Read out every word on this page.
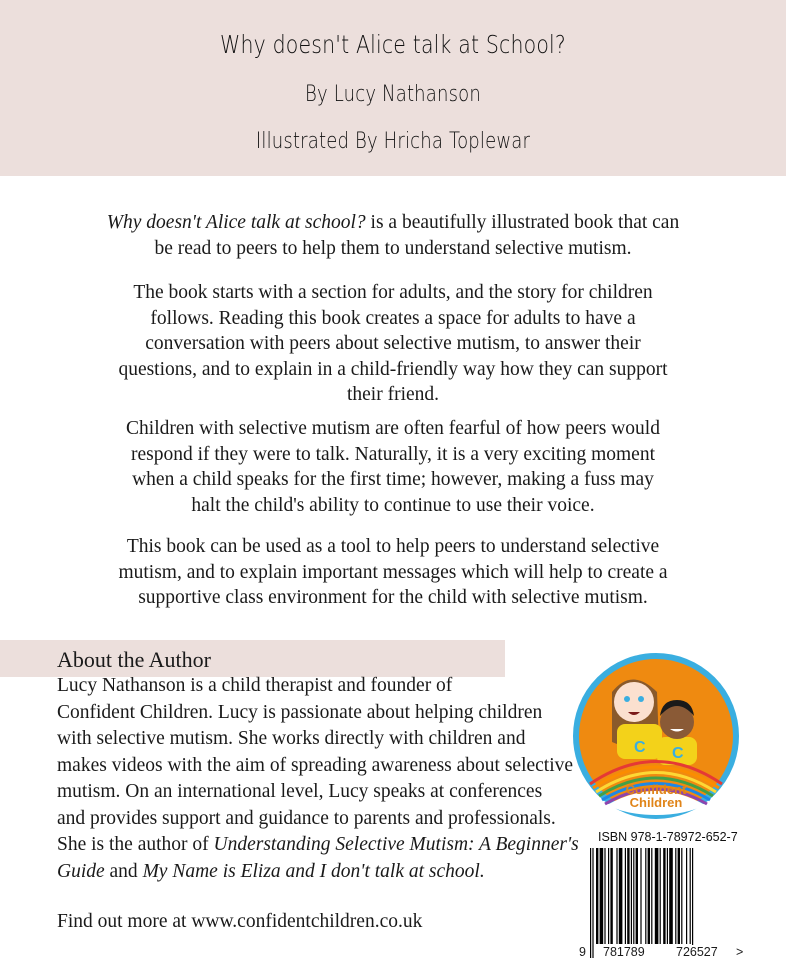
Why doesn't Alice talk at School?
By Lucy Nathanson
Illustrated By Hricha Toplewar
Why doesn't Alice talk at school? is a beautifully illustrated book that can
be read to peers to help them to understand selective mutism.
The book starts with a section for adults, and the story for children
follows. Reading this book creates a space for adults to have a
conversation with peers about selective mutism, to answer their
questions, and to explain in a child-friendly way how they can support
their friend.
Children with selective mutism are often fearful of how peers would
respond if they were to talk. Naturally, it is a very exciting moment
when a child speaks for the first time; however, making a fuss may
halt the child's ability to continue to use their voice.
This book can be used as a tool to help peers to understand selective
mutism, and to explain important messages which will help to create a
supportive class environment for the child with selective mutism.
About the Author
Lucy Nathanson is a child therapist and founder of
Confident Children. Lucy is passionate about helping children
with selective mutism. She works directly with children and
makes videos with the aim of spreading awareness about selective
mutism. On an international level, Lucy speaks at conferences
and provides support and guidance to parents and professionals.
She is the author of Understanding Selective Mutism: A Beginner's
Guide and My Name is Eliza and I don't talk at school.
Find out more at www.confidentchildren.co.uk
C C
Confident
Children
ISBN 978-1-78972-652-7
9 781789	726527 >
